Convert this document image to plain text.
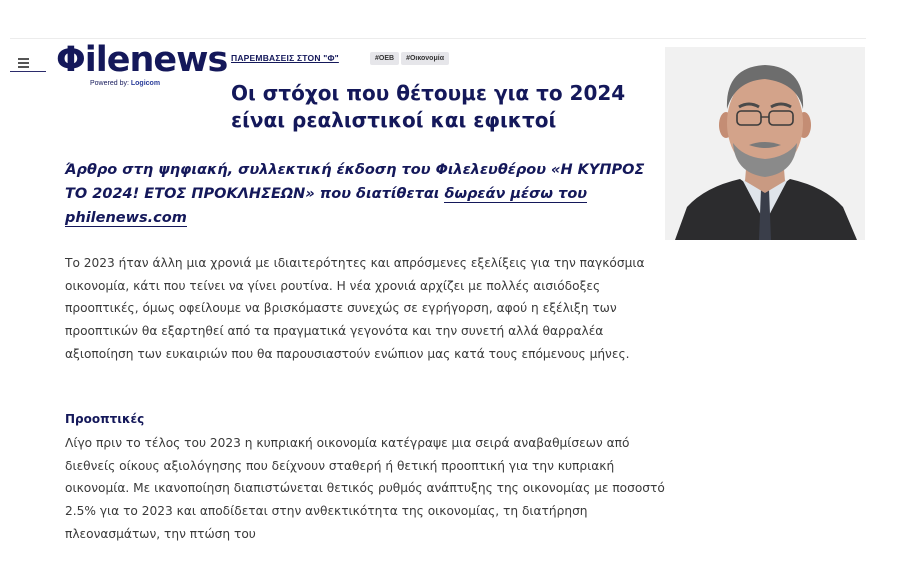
Φilenews
Powered by: Logicom
ΠΑΡΕΜΒΑΣΕΙΣ ΣΤΟΝ "Φ"	#ΟΕΒ	#Οικονομία
Οι στόχοι που θέτουμε για το 2024 είναι ρεαλιστικοί και εφικτοί

Άρθρο στη ψηφιακή, συλλεκτική έκδοση του Φιλελευθέρου «Η ΚΥΠΡΟΣ ΤΟ 2024! ΕΤΟΣ ΠΡΟΚΛΗΣΕΩΝ» που διατίθεται δωρεάν μέσω του philenews.com

Το 2023 ήταν άλλη μια χρονιά με ιδιαιτερότητες και απρόσμενες εξελίξεις για την παγκόσμια οικονομία, κάτι που τείνει να γίνει ρουτίνα. Η νέα χρονιά αρχίζει με πολλές αισιόδοξες προοπτικές, όμως οφείλουμε να βρισκόμαστε συνεχώς σε εγρήγορση, αφού η εξέλιξη των προοπτικών θα εξαρτηθεί από τα πραγματικά γεγονότα και την συνετή αλλά θαρραλέα αξιοποίηση των ευκαιριών που θα παρουσιαστούν ενώπιον μας κατά τους επόμενους μήνες.

Προοπτικές

Λίγο πριν το τέλος του 2023 η κυπριακή οικονομία κατέγραψε μια σειρά αναβαθμίσεων από διεθνείς οίκους αξιολόγησης που δείχνουν σταθερή ή θετική προοπτική για την κυπριακή οικονομία. Με ικανοποίηση διαπιστώνεται θετικός ρυθμός ανάπτυξης της οικονομίας με ποσοστό 2.5% για το 2023 και αποδίδεται στην ανθεκτικότητα της οικονομίας, τη διατήρηση πλεονασμάτων, την πτώση του
